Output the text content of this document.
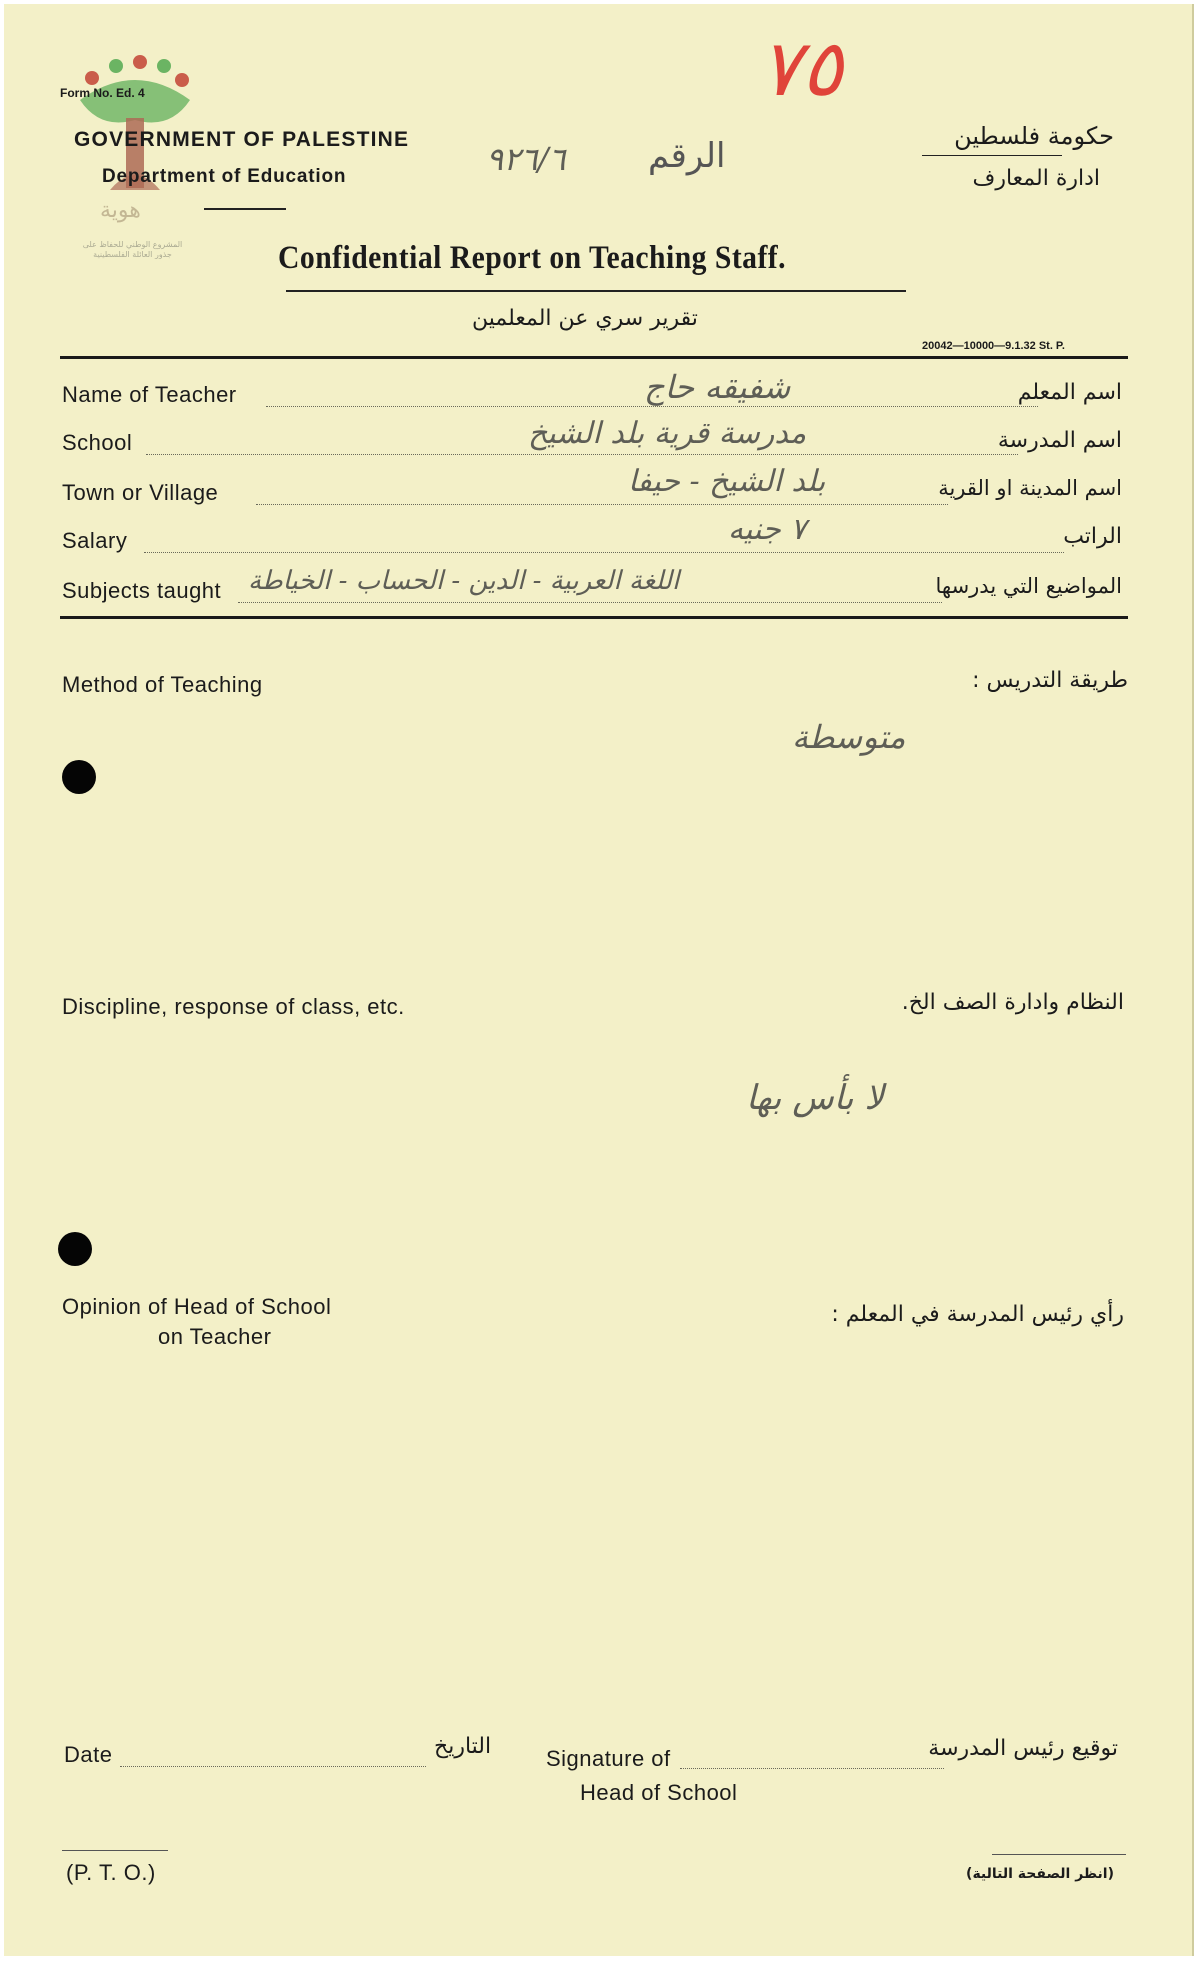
٧٥
هوية
المشروع الوطني للحفاظ على
جذور العائلة الفلسطينية
Form No. Ed. 4
GOVERNMENT OF PALESTINE
Department of Education
حكومة فلسطين
ادارة المعارف
الرقم
٩٢٦/٦
Confidential Report on Teaching Staff.
تقرير سري عن المعلمين
20042—10000—9.1.32 St. P.
Name of Teacher	شفيقه حاج	اسم المعلم
School	مدرسة قرية بلد الشيخ	اسم المدرسة
Town or Village	بلد الشيخ - حيفا	اسم المدينة او القرية
Salary	٧ جنيه	الراتب
Subjects taught اللغة العربية - الدين - الحساب - الخياطة	المواضيع التي يدرسها
Method of Teaching	طريقة التدريس :
متوسطة
Discipline, response of class, etc.	النظام وادارة الصف الخ.
لا بأس بها
Opinion of Head of School
on Teacher
رأي رئيس المدرسة في المعلم :
Date	التاريخ Signature of
Head of School
توقيع رئيس المدرسة
(P. T. O.)	(انظر الصفحة التالية)
